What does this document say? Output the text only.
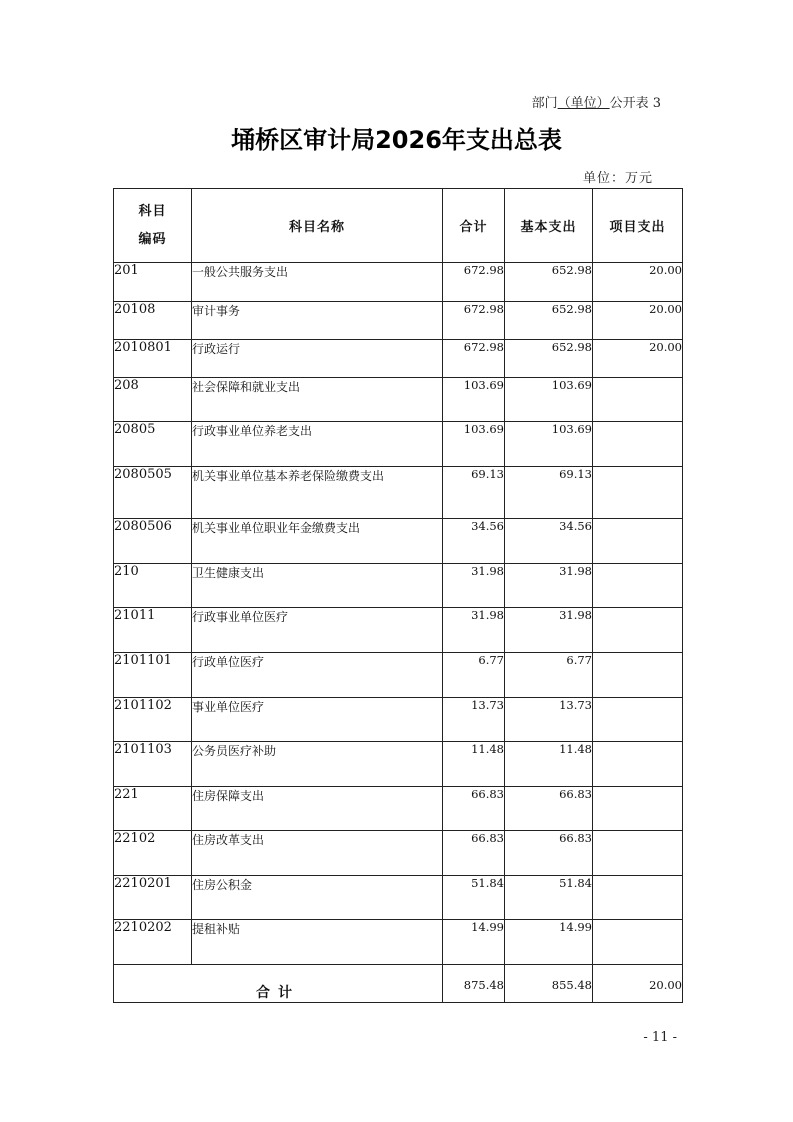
部门（单位）公开表 3
埇桥区审计局2026年支出总表
单位：万元
科目
编码	科目名称	合计	基本支出	项目支出
201	一般公共服务支出	672.98	652.98	20.00
20108	审计事务	672.98	652.98	20.00
2010801	行政运行	672.98	652.98	20.00
208	社会保障和就业支出	103.69	103.69	
20805	行政事业单位养老支出	103.69	103.69	
2080505	机关事业单位基本养老保险缴费支出	69.13	69.13	
2080506	机关事业单位职业年金缴费支出	34.56	34.56	
210	卫生健康支出	31.98	31.98	
21011	行政事业单位医疗	31.98	31.98	
2101101	行政单位医疗	6.77	6.77	
2101102	事业单位医疗	13.73	13.73	
2101103	公务员医疗补助	11.48	11.48	
221	住房保障支出	66.83	66.83	
22102	住房改革支出	66.83	66.83	
2210201	住房公积金	51.84	51.84	
2210202	提租补贴	14.99	14.99	
合计		875.48	855.48	20.00
- 11 -
